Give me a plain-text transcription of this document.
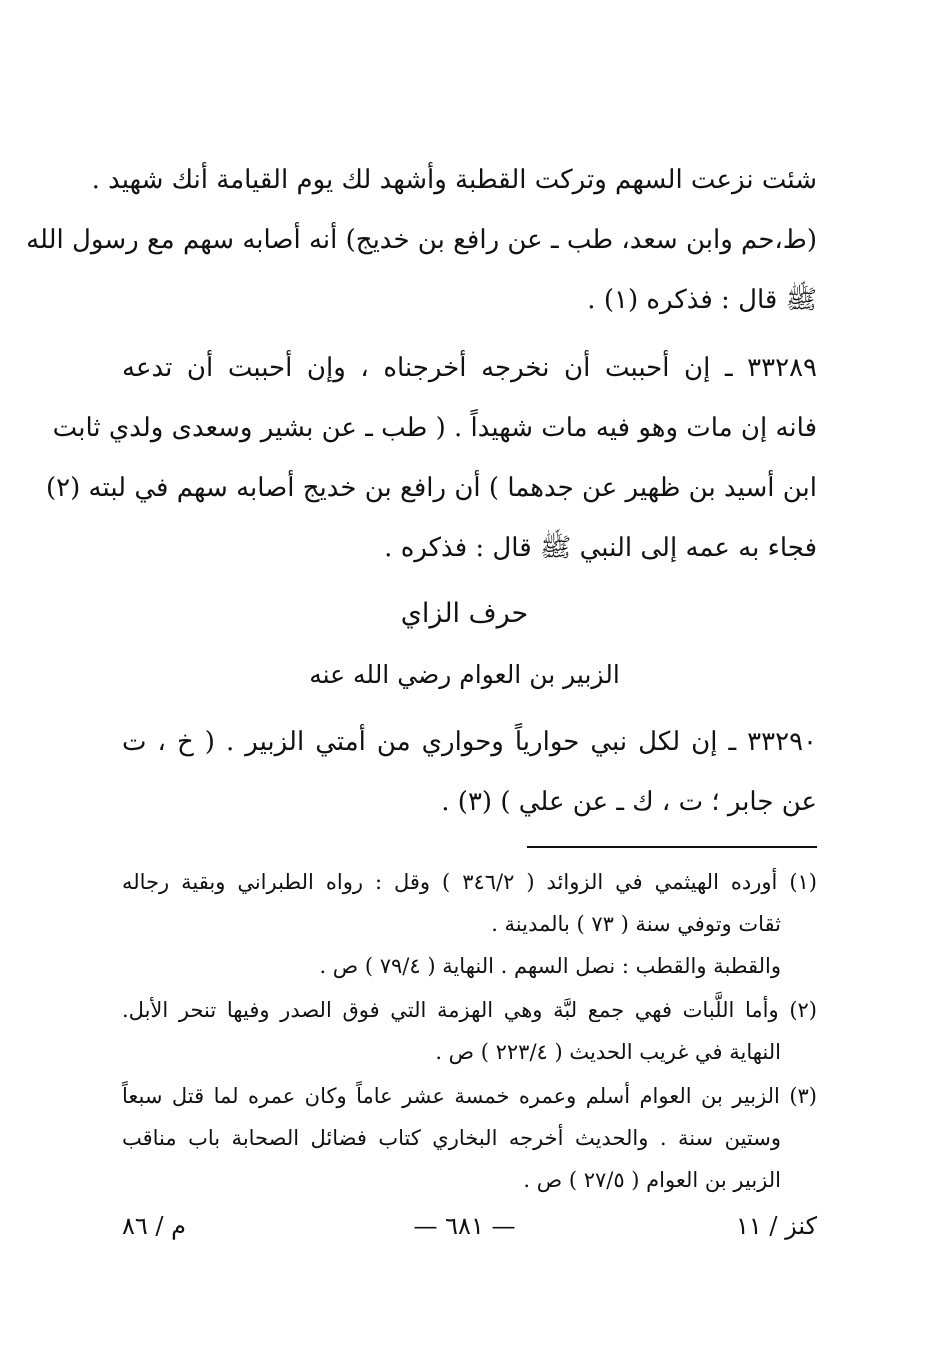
شئت نزعت السهم وتركت القطبة وأشهد لك يوم القيامة أنك شهيد .
(ط،حم وابن سعد، طب ـ عن رافع بن خديج) أنه أصابه سهم مع رسول الله
ﷺ قال : فذكره (١) .
٣٣٢٨٩ ـ إن أحببت أن نخرجه أخرجناه ، وإن أحببت أن تدعه
فانه إن مات وهو فيه مات شهيداً . ( طب ـ عن بشير وسعدى ولدي ثابت
ابن أسيد بن ظهير عن جدهما ) أن رافع بن خديج أصابه سهم في لبته (٢)
فجاء به عمه إلى النبي ﷺ قال : فذكره .
حرف الزاي
الزبير بن العوام رضي الله عنه
٣٣٢٩٠ ـ إن لكل نبي حوارياً وحواري من أمتي الزبير . ( خ ، ت
عن جابر ؛ ت ، ك ـ عن علي ) (٣) .
(١) أورده الهيثمي في الزوائد ( ٣٤٦/٢ ) وقل : رواه الطبراني وبقية رجاله
ثقات وتوفي سنة ( ٧٣ ) بالمدينة .
والقطبة والقطب : نصل السهم . النهاية ( ٧٩/٤ ) ص .
(٢) وأما اللَّبات فهي جمع لبَّة وهي الهزمة التي فوق الصدر وفيها تنحر الأبل.
النهاية في غريب الحديث ( ٢٢٣/٤ ) ص .
(٣) الزبير بن العوام أسلم وعمره خمسة عشر عاماً وكان عمره لما قتل سبعاً
وستين سنة . والحديث أخرجه البخاري كتاب فضائل الصحابة باب مناقب
الزبير بن العوام ( ٢٧/٥ ) ص .
كنز / ١١
— ٦٨١ —
م / ٨٦
